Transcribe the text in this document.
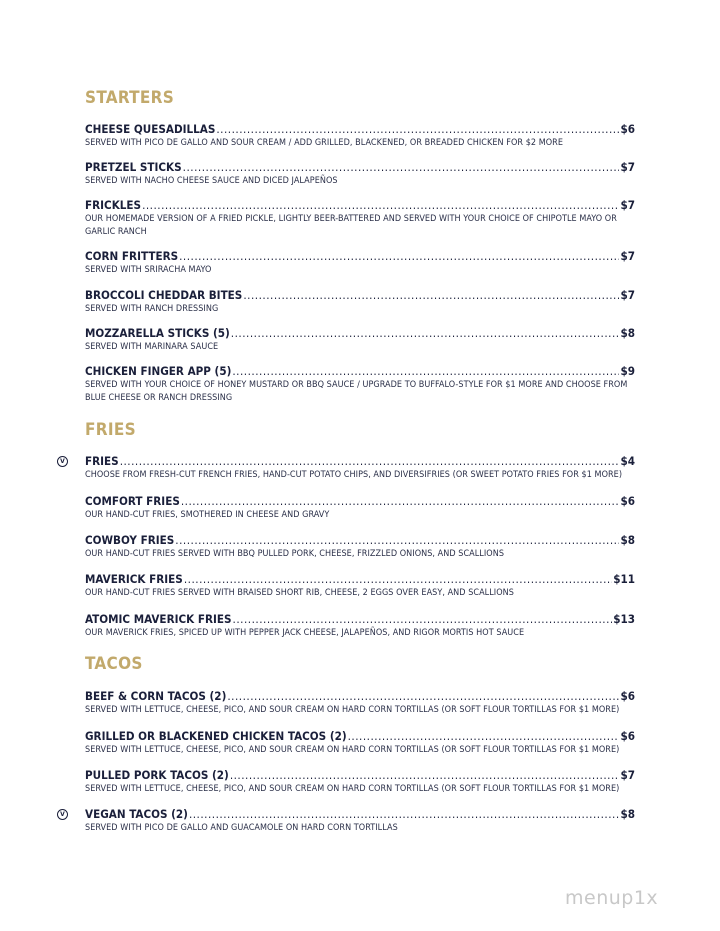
STARTERS
CHEESE QUESADILLAS .....	$6
SERVED WITH PICO DE GALLO AND SOUR CREAM / ADD GRILLED, BLACKENED, OR BREADED CHICKEN FOR $2 MORE
PRETZEL STICKS .....	$7
SERVED WITH NACHO CHEESE SAUCE AND DICED JALAPEÑOS
FRICKLES .....	$7
OUR HOMEMADE VERSION OF A FRIED PICKLE, LIGHTLY BEER-BATTERED AND SERVED WITH YOUR CHOICE OF CHIPOTLE MAYO OR GARLIC RANCH
CORN FRITTERS .....	$7
SERVED WITH SRIRACHA MAYO
BROCCOLI CHEDDAR BITES .....	$7
SERVED WITH RANCH DRESSING
MOZZARELLA STICKS (5) .....	$8
SERVED WITH MARINARA SAUCE
CHICKEN FINGER APP (5) .....	$9
SERVED WITH YOUR CHOICE OF HONEY MUSTARD OR BBQ SAUCE / UPGRADE TO BUFFALO-STYLE FOR $1 MORE AND CHOOSE FROM BLUE CHEESE OR RANCH DRESSING
FRIES
FRIES .....	$4
CHOOSE FROM FRESH-CUT FRENCH FRIES, HAND-CUT POTATO CHIPS, AND DIVERSIFRIES (OR SWEET POTATO FRIES FOR $1 MORE)
COMFORT FRIES .....	$6
OUR HAND-CUT FRIES, SMOTHERED IN CHEESE AND GRAVY
COWBOY FRIES .....	$8
OUR HAND-CUT FRIES SERVED WITH BBQ PULLED PORK, CHEESE, FRIZZLED ONIONS, AND SCALLIONS
MAVERICK FRIES .....	$11
OUR HAND-CUT FRIES SERVED WITH BRAISED SHORT RIB, CHEESE, 2 EGGS OVER EASY, AND SCALLIONS
ATOMIC MAVERICK FRIES .....	$13
OUR MAVERICK FRIES, SPICED UP WITH PEPPER JACK CHEESE, JALAPEÑOS, AND RIGOR MORTIS HOT SAUCE
TACOS
BEEF & CORN TACOS (2) .....	$6
SERVED WITH LETTUCE, CHEESE, PICO, AND SOUR CREAM ON HARD CORN TORTILLAS (OR SOFT FLOUR TORTILLAS FOR $1 MORE)
GRILLED OR BLACKENED CHICKEN TACOS (2) .....	$6
SERVED WITH LETTUCE, CHEESE, PICO, AND SOUR CREAM ON HARD CORN TORTILLAS (OR SOFT FLOUR TORTILLAS FOR $1 MORE)
PULLED PORK TACOS (2) .....	$7
SERVED WITH LETTUCE, CHEESE, PICO, AND SOUR CREAM ON HARD CORN TORTILLAS (OR SOFT FLOUR TORTILLAS FOR $1 MORE)
VEGAN TACOS (2) .....	$8
SERVED WITH PICO DE GALLO AND GUACAMOLE ON HARD CORN TORTILLAS
V
V
menup1x
